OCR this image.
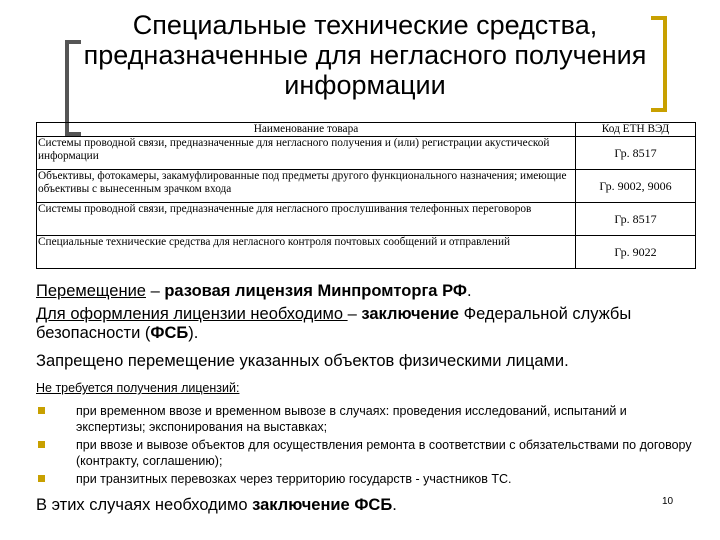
Специальные технические средства, предназначенные для негласного получения информации
Наименование товара	Код ЕТН ВЭД
Системы проводной связи, предназначенные для негласного получения и (или) регистрации акустической информации	Гр. 8517
Объективы, фотокамеры, закамуфлированные под предметы другого функционального назначения; имеющие объективы с вынесенным зрачком входа	Гр. 9002, 9006
Системы проводной связи, предназначенные для негласного прослушивания телефонных переговоров	Гр. 8517
Специальные технические средства для негласного контроля почтовых сообщений и отправлений	Гр. 9022
Перемещение – разовая лицензия Минпромторга РФ.
Для оформления лицензии необходимо – заключение Федеральной службы безопасности (ФСБ).
Запрещено перемещение указанных объектов физическими лицами.
Не требуется получения лицензий:
при временном ввозе и временном вывозе в случаях: проведения исследований, испытаний и экспертизы; экспонирования на выставках;
при ввозе и вывозе объектов для осуществления ремонта в соответствии с обязательствами по договору (контракту, соглашению);
при транзитных перевозках через территорию государств - участников ТС.
В этих случаях необходимо заключение ФСБ.	10
